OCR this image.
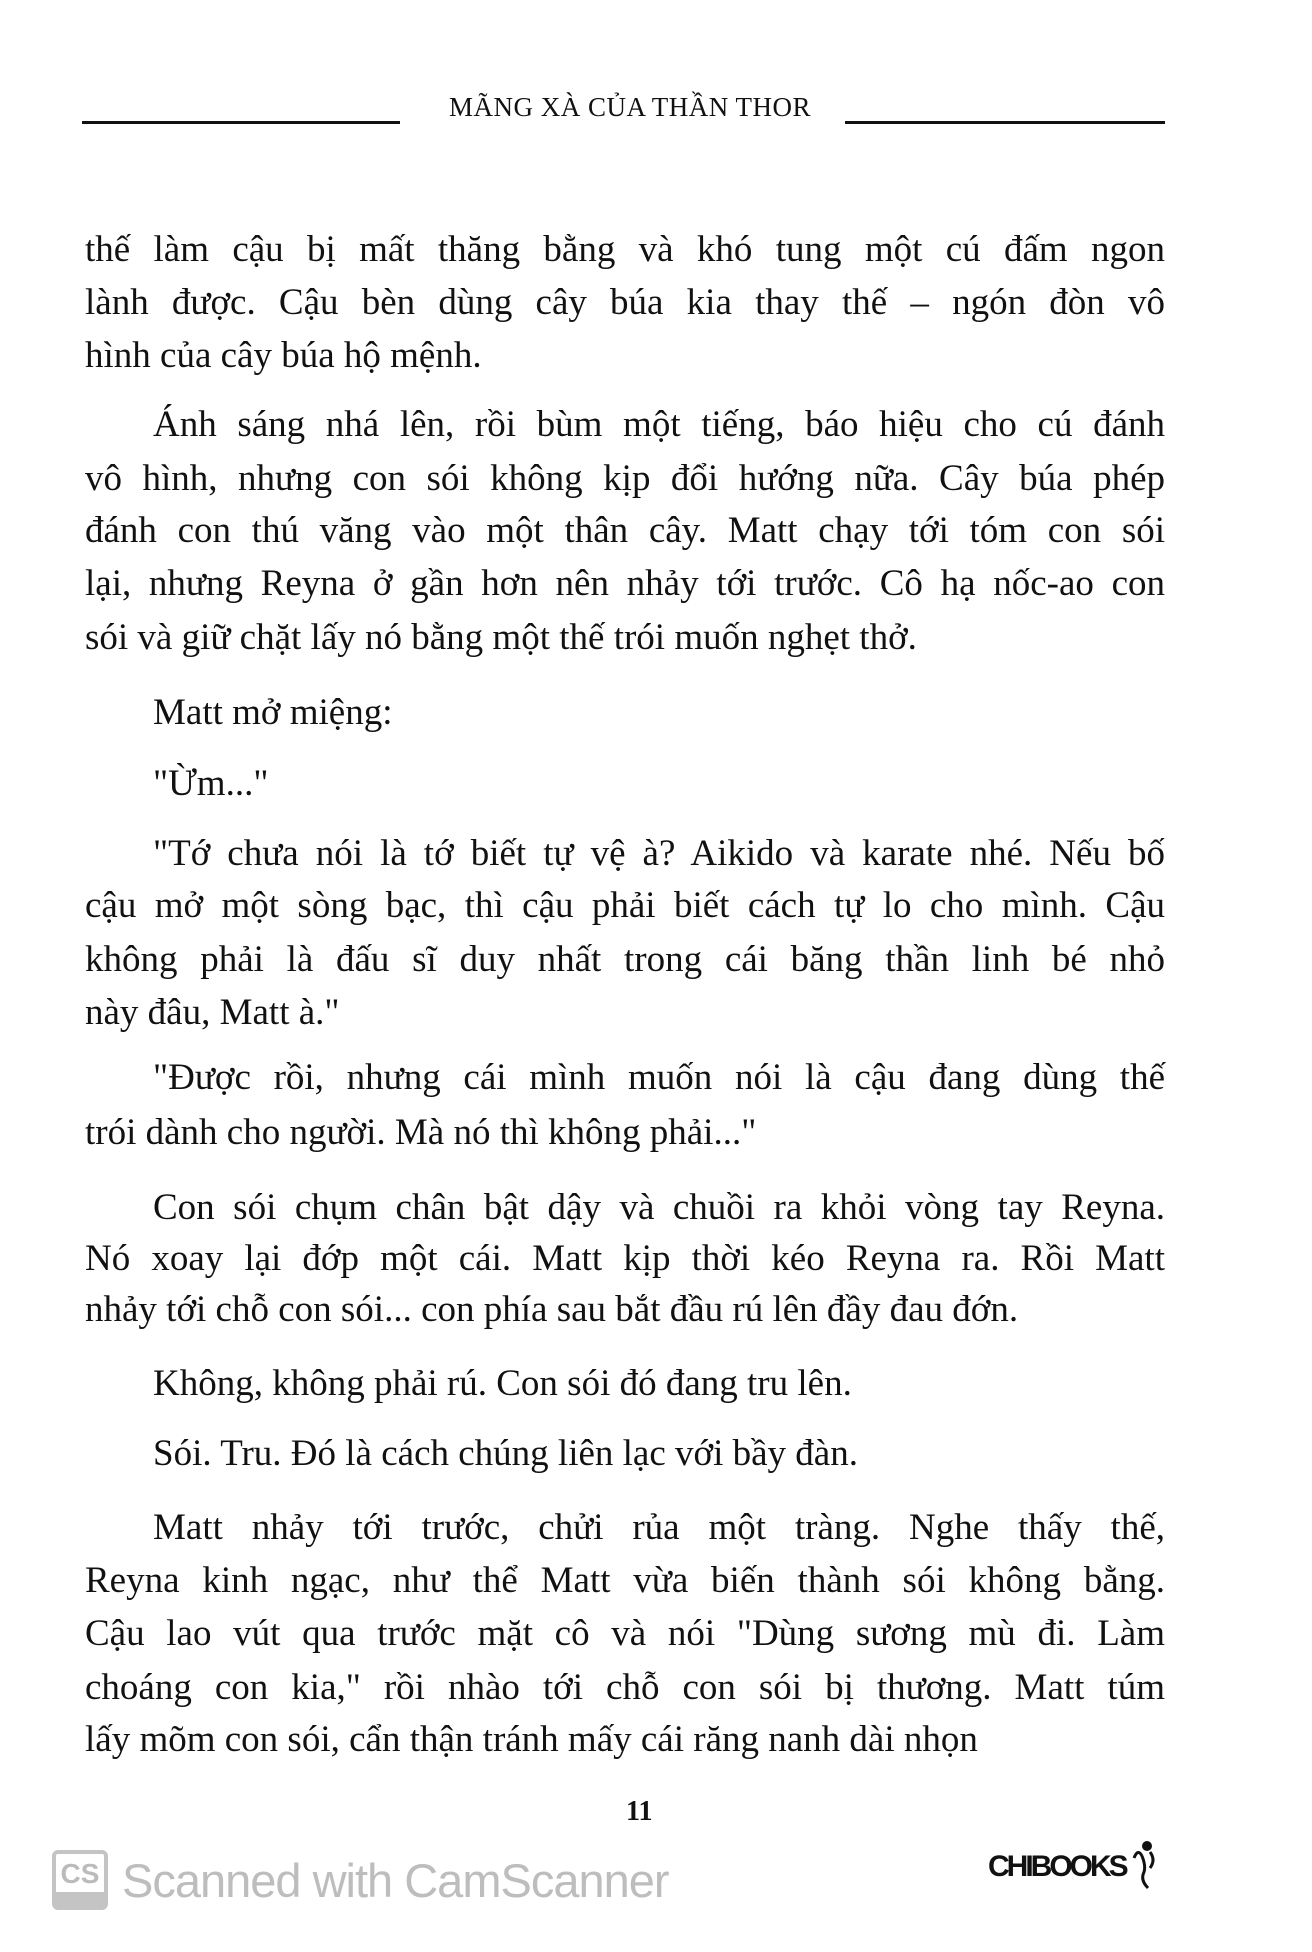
MÃNG XÀ CỦA THẦN THOR
thế làm cậu bị mất thăng bằng và khó tung một cú đấm ngon
lành được. Cậu bèn dùng cây búa kia thay thế – ngón đòn vô
hình của cây búa hộ mệnh.
Ánh sáng nhá lên, rồi bùm một tiếng, báo hiệu cho cú đánh
vô hình, nhưng con sói không kịp đổi hướng nữa. Cây búa phép
đánh con thú văng vào một thân cây. Matt chạy tới tóm con sói
lại, nhưng Reyna ở gần hơn nên nhảy tới trước. Cô hạ nốc-ao con
sói và giữ chặt lấy nó bằng một thế trói muốn nghẹt thở.
Matt mở miệng:
"Ừm..."
"Tớ chưa nói là tớ biết tự vệ à? Aikido và karate nhé. Nếu bố
cậu mở một sòng bạc, thì cậu phải biết cách tự lo cho mình. Cậu
không phải là đấu sĩ duy nhất trong cái băng thần linh bé nhỏ
này đâu, Matt à."
"Được rồi, nhưng cái mình muốn nói là cậu đang dùng thế
trói dành cho người. Mà nó thì không phải..."
Con sói chụm chân bật dậy và chuồi ra khỏi vòng tay Reyna.
Nó xoay lại đớp một cái. Matt kịp thời kéo Reyna ra. Rồi Matt
nhảy tới chỗ con sói... con phía sau bắt đầu rú lên đầy đau đớn.
Không, không phải rú. Con sói đó đang tru lên.
Sói. Tru. Đó là cách chúng liên lạc với bầy đàn.
Matt nhảy tới trước, chửi rủa một tràng. Nghe thấy thế,
Reyna kinh ngạc, như thể Matt vừa biến thành sói không bằng.
Cậu lao vút qua trước mặt cô và nói "Dùng sương mù đi. Làm
choáng con kia," rồi nhào tới chỗ con sói bị thương. Matt túm
lấy mõm con sói, cẩn thận tránh mấy cái răng nanh dài nhọn
CS Scanned with CamScanner
11
CHIBOOKS
